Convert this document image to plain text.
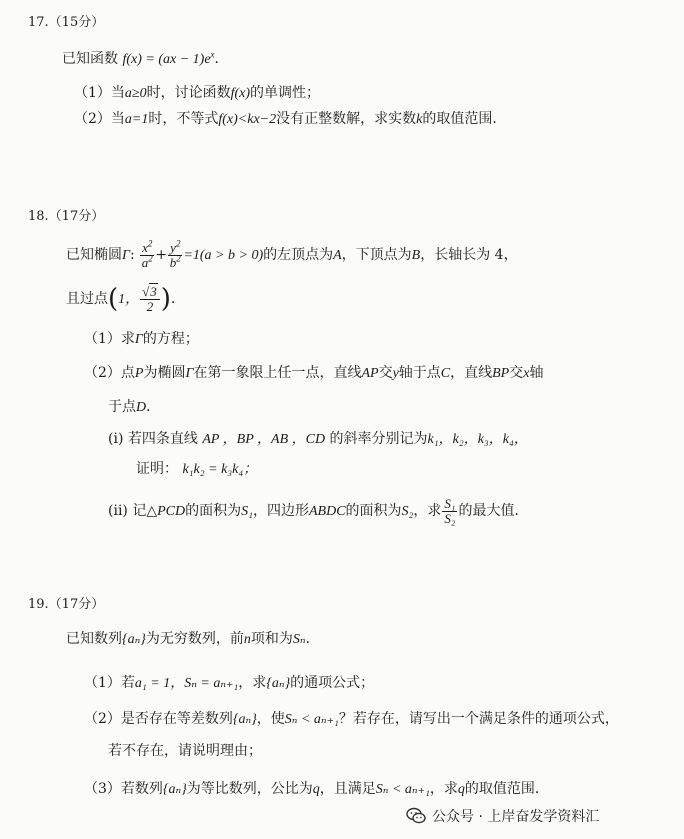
17.（15分）
已知函数 $f(x) = (ax - 1)e^x$．
（1）当a≥0时，讨论函数f(x)的单调性；
（2）当a=1时，不等式f(x)<kx−2没有正整数解，求实数k的取值范围．
18.（17分）
已知椭圆Γ: $\frac{x^2}{a^2} + \frac{y^2}{b^2} =1(a > b > 0)$的左顶点为A，下顶点为B，长轴长为 4，
且过点(1， $\frac{√3}{2}$ )．
（1）求Γ的方程；
（2）点P为椭圆Γ在第一象限上任一点，直线AP交y轴于点C，直线BP交x轴
于点D．
(i) 若四条直线 AP ，BP ，AB ，CD 的斜率分别记为k₁，k₂，k₃，k₄，
证明： k₁k₂ = k₃k₄；
(ii) 记△PCD的面积为S₁，四边形ABDC的面积为S₂，求 $\frac{\text{S₁}}{\text{S₂}}$ 的最大值．
19.（17分）
已知数列{aₙ}为无穷数列，前n项和为Sₙ．
（1）若a₁ = 1，Sₙ = aₙ₊₁，求{aₙ}的通项公式；
（2）是否存在等差数列{aₙ}，使Sₙ < aₙ₊₁？若存在，请写出一个满足条件的通项公式，
若不存在，请说明理由；
（3）若数列{aₙ}为等比数列，公比为q，且满足Sₙ < aₙ₊₁，求q的取值范围．
公众号 · 上岸奋发学资料汇
